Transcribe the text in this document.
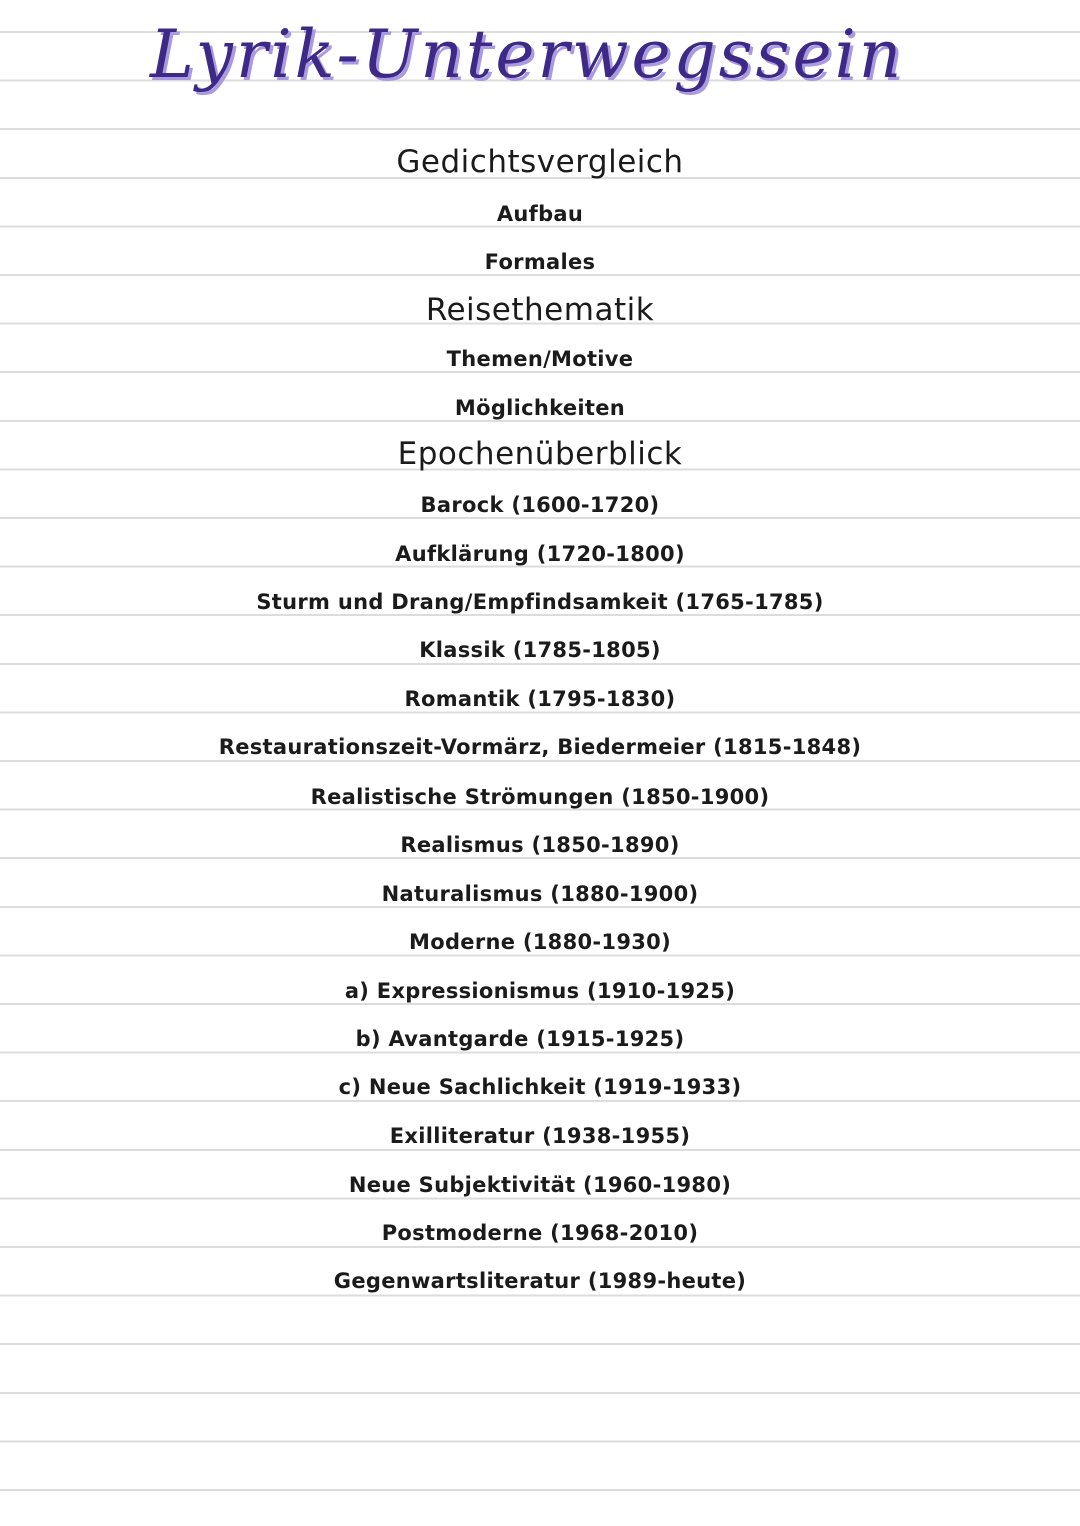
Lyrik-Unterwegssein
Gedichtsvergleich
Aufbau
Formales
Reisethematik
Themen/Motive
Möglichkeiten
Epochenüberblick
Barock (1600-1720)
Aufklärung (1720-1800)
Sturm und Drang/Empfindsamkeit (1765-1785)
Klassik (1785-1805)
Romantik (1795-1830)
Restaurationszeit-Vormärz, Biedermeier (1815-1848)
Realistische Strömungen (1850-1900)
Realismus (1850-1890)
Naturalismus (1880-1900)
Moderne (1880-1930)
a) Expressionismus (1910-1925)
b) Avantgarde (1915-1925)
c) Neue Sachlichkeit (1919-1933)
Exilliteratur (1938-1955)
Neue Subjektivität (1960-1980)
Postmoderne (1968-2010)
Gegenwartsliteratur (1989-heute)
